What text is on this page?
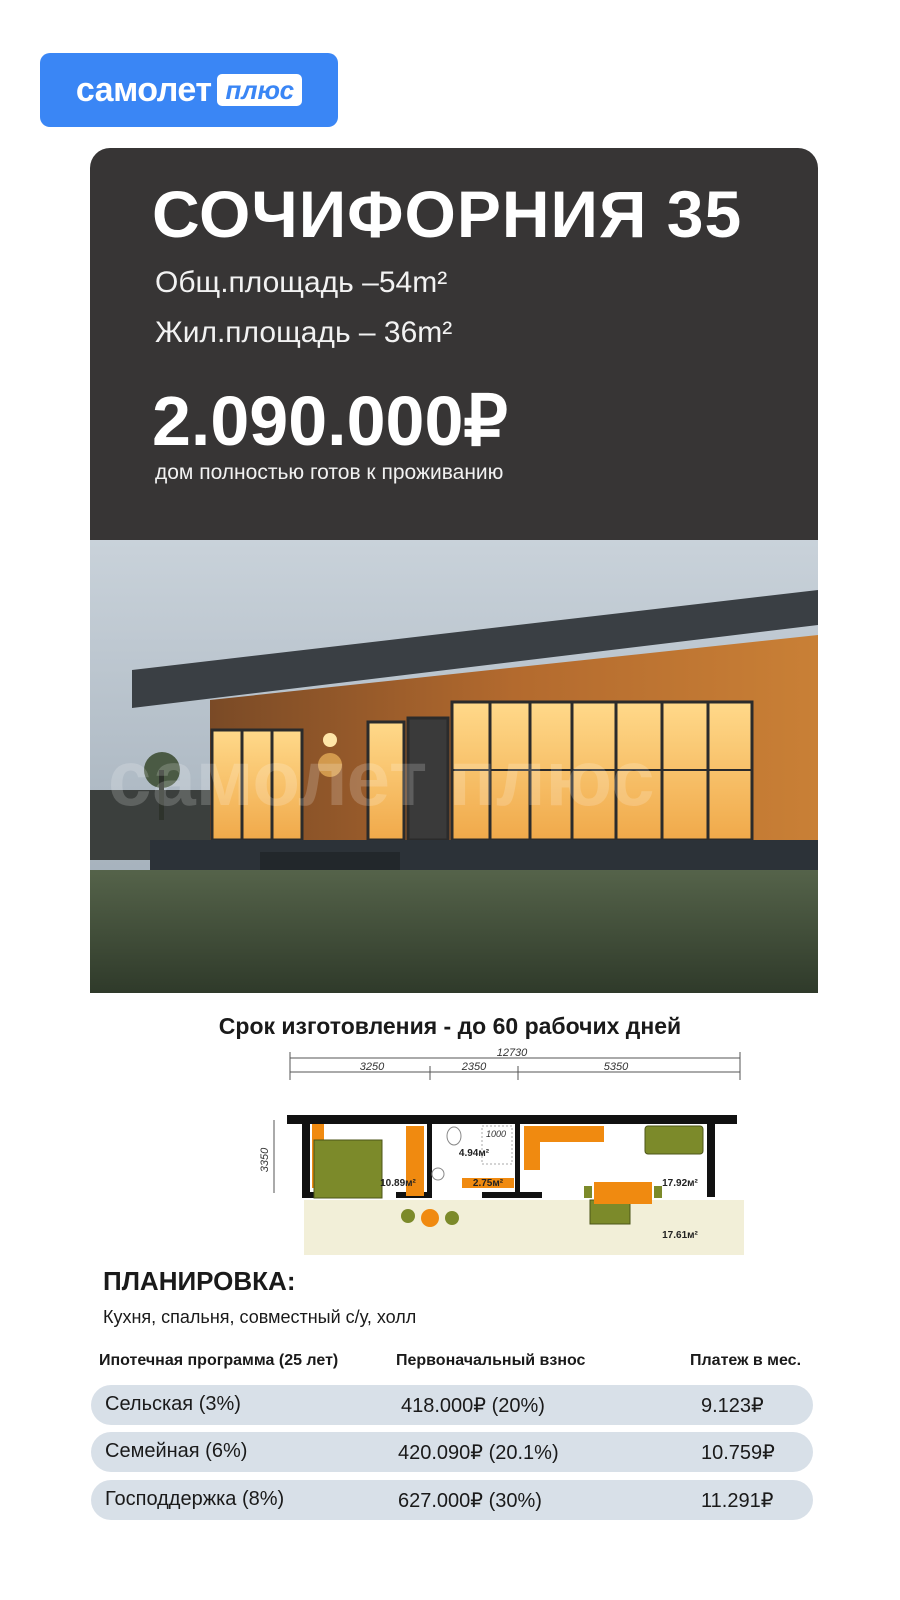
самолет плюс
СОЧИФОРНИЯ 35
Общ.площадь –54m²
Жил.площадь – 36m²
2.090.000₽
дом полностью готов к проживанию
самолет плюс
Срок изготовления - до 60 рабочих дней
12730
3250	2350	5350
3350	4.94м²
1000
10.89м²	2.75м²	17.92м²
17.61м²
ПЛАНИРОВКА:
Кухня, спальня, совместный с/у, холл
Ипотечная программа (25 лет)	Первоначальный взнос	Платеж в мес.
Сельская (3%)	418.000₽ (20%)	9.123₽
Семейная (6%)	420.090₽ (20.1%)	10.759₽
Господдержка (8%)	627.000₽ (30%)	11.291₽
